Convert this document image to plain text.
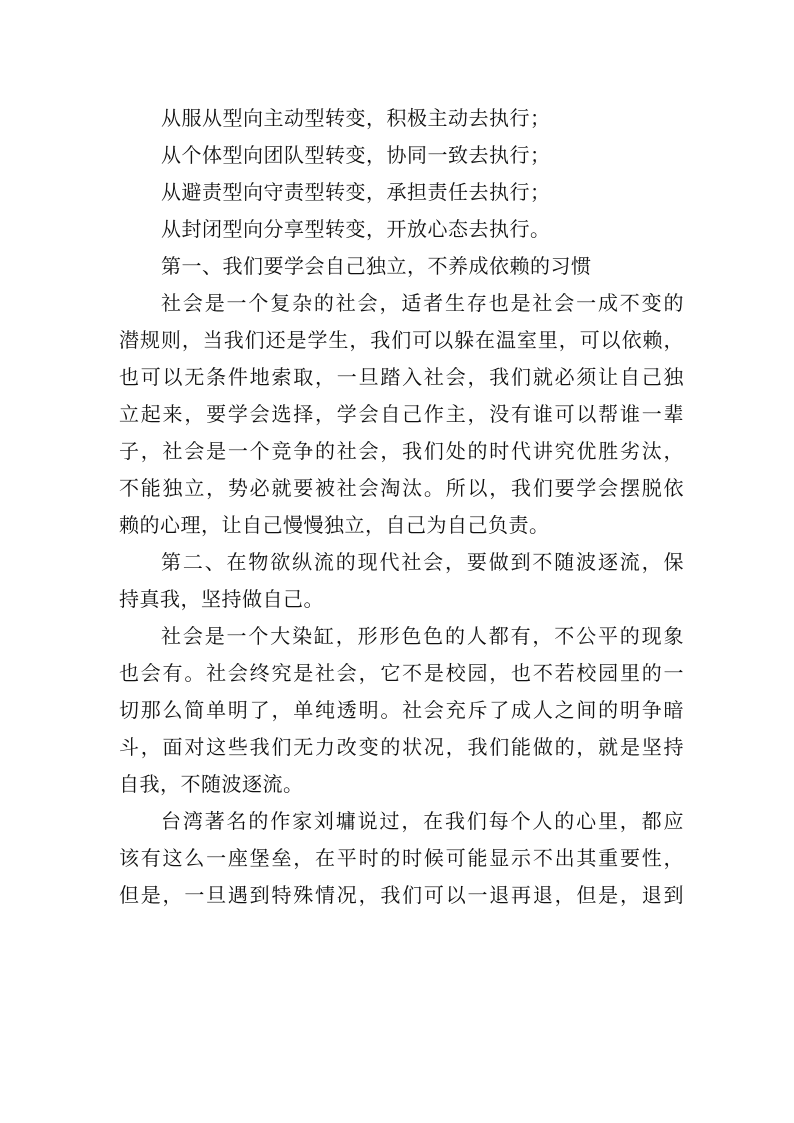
从服从型向主动型转变，积极主动去执行；
从个体型向团队型转变，协同一致去执行；
从避责型向守责型转变，承担责任去执行；
从封闭型向分享型转变，开放心态去执行。
第一、我们要学会自己独立，不养成依赖的习惯
社会是一个复杂的社会，适者生存也是社会一成不变的
潜规则，当我们还是学生，我们可以躲在温室里，可以依赖，
也可以无条件地索取，一旦踏入社会，我们就必须让自己独
立起来，要学会选择，学会自己作主，没有谁可以帮谁一辈
子，社会是一个竞争的社会，我们处的时代讲究优胜劣汰，
不能独立，势必就要被社会淘汰。所以，我们要学会摆脱依
赖的心理，让自己慢慢独立，自己为自己负责。
第二、在物欲纵流的现代社会，要做到不随波逐流，保
持真我，坚持做自己。
社会是一个大染缸，形形色色的人都有，不公平的现象
也会有。社会终究是社会，它不是校园，也不若校园里的一
切那么简单明了，单纯透明。社会充斥了成人之间的明争暗
斗，面对这些我们无力改变的状况，我们能做的，就是坚持
自我，不随波逐流。
台湾著名的作家刘墉说过，在我们每个人的心里，都应
该有这么一座堡垒，在平时的时候可能显示不出其重要性，
但是，一旦遇到特殊情况，我们可以一退再退，但是，退到
